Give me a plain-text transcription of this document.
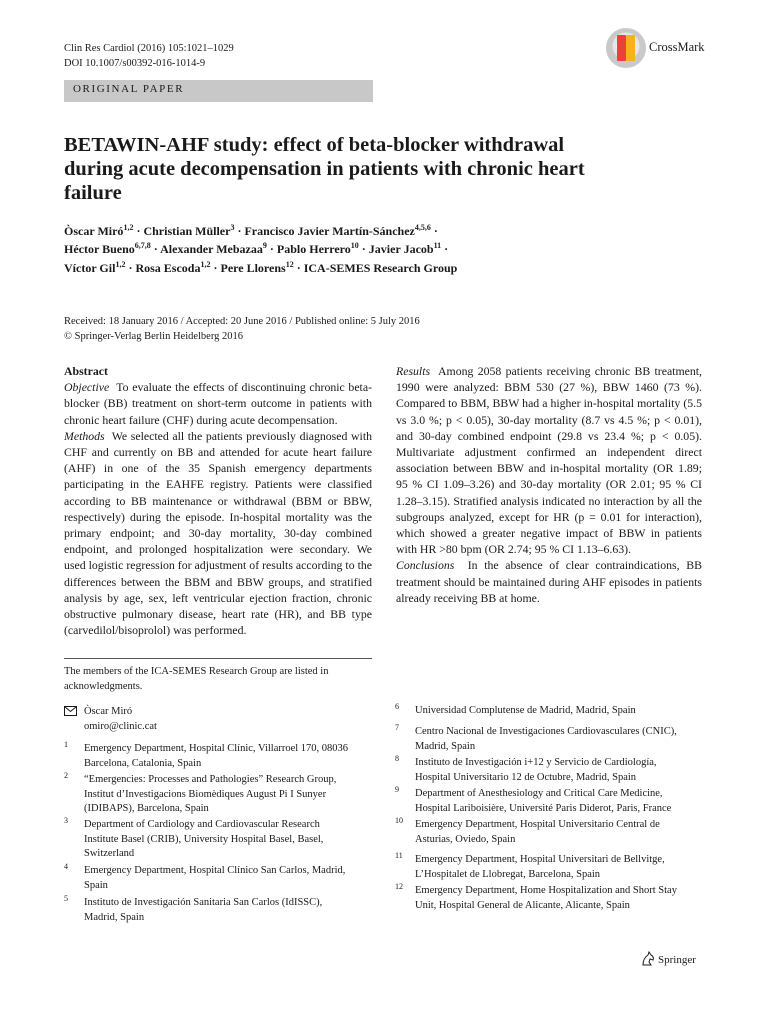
Clin Res Cardiol (2016) 105:1021–1029
DOI 10.1007/s00392-016-1014-9
CrossMark
ORIGINAL PAPER
BETAWIN-AHF study: effect of beta-blocker withdrawal during acute decompensation in patients with chronic heart failure
Òscar Miró$^{1,2}$ · Christian Müller$^3$ · Francisco Javier Martín-Sánchez$^{4,5,6}$ ·
Héctor Bueno$^{6,7,8}$ · Alexander Mebazaa$^9$ · Pablo Herrero$^{10}$ · Javier Jacob$^{11}$ ·
Víctor Gil$^{1,2}$ · Rosa Escoda$^{1,2}$ · Pere Llorens$^{12}$ · ICA-SEMES Research Group
Received: 18 January 2016 / Accepted: 20 June 2016 / Published online: 5 July 2016
© Springer-Verlag Berlin Heidelberg 2016

Abstract

Objective To evaluate the effects of discontinuing chronic beta-blocker (BB) treatment on short-term outcome in patients with chronic heart failure (CHF) during acute decompensation.

Methods We selected all the patients previously diagnosed with CHF and currently on BB and attended for acute heart failure (AHF) in one of the 35 Spanish emergency departments participating in the EAHFE registry. Patients were classified according to BB maintenance or withdrawal (BBM or BBW, respectively) during the episode. In-hospital mortality was the primary endpoint; and 30-day mortality, 30-day combined endpoint, and prolonged hospitalization were secondary. We used logistic regression for adjustment of results according to the differences between the BBM and BBW groups, and stratified analysis by age, sex, left ventricular ejection fraction, chronic obstructive pulmonary disease, heart rate (HR), and BB type (carvedilol/bisoprolol) was performed.

Results Among 2058 patients receiving chronic BB treatment, 1990 were analyzed: BBM 530 (27 %), BBW 1460 (73 %). Compared to BBM, BBW had a higher in-hospital mortality (5.5 vs 3.0 %; p < 0.05), 30-day mortality (8.7 vs 4.5 %; p < 0.01), and 30-day combined endpoint (29.8 vs 23.4 %; p < 0.05). Multivariate adjustment confirmed an independent direct association between BBW and in-hospital mortality (OR 1.89; 95 % CI 1.09–3.26) and 30-day mortality (OR 2.01; 95 % CI 1.28–3.15). Stratified analysis indicated no interaction by all the subgroups analyzed, except for HR (p = 0.01 for interaction), which showed a greater negative impact of BBW in patients with HR >80 bpm (OR 2.74; 95 % CI 1.13–6.63).

Conclusions In the absence of clear contraindications, BB treatment should be maintained during AHF episodes in patients already receiving BB at home.

The members of the ICA-SEMES Research Group are listed in acknowledgments.
Òscar Miró
omiro@clinic.cat
1 Emergency Department, Hospital Clínic, Villarroel 170, 08036 Barcelona, Catalonia, Spain
2 “Emergencies: Processes and Pathologies” Research Group, Institut d’Investigacions Biomèdiques August Pi I Sunyer (IDIBAPS), Barcelona, Spain
3 Department of Cardiology and Cardiovascular Research Institute Basel (CRIB), University Hospital Basel, Basel, Switzerland
4 Emergency Department, Hospital Clínico San Carlos, Madrid, Spain
5 Instituto de Investigación Sanitaria San Carlos (IdISSC), Madrid, Spain
6 Universidad Complutense de Madrid, Madrid, Spain
7 Centro Nacional de Investigaciones Cardiovasculares (CNIC), Madrid, Spain
8 Instituto de Investigación i+12 y Servicio de Cardiología, Hospital Universitario 12 de Octubre, Madrid, Spain
9 Department of Anesthesiology and Critical Care Medicine, Hospital Lariboisière, Université Paris Diderot, Paris, France
10 Emergency Department, Hospital Universitario Central de Asturias, Oviedo, Spain
11 Emergency Department, Hospital Universitari de Bellvitge, L’Hospitalet de Llobregat, Barcelona, Spain
12 Emergency Department, Home Hospitalization and Short Stay Unit, Hospital General de Alicante, Alicante, Spain
Springer
